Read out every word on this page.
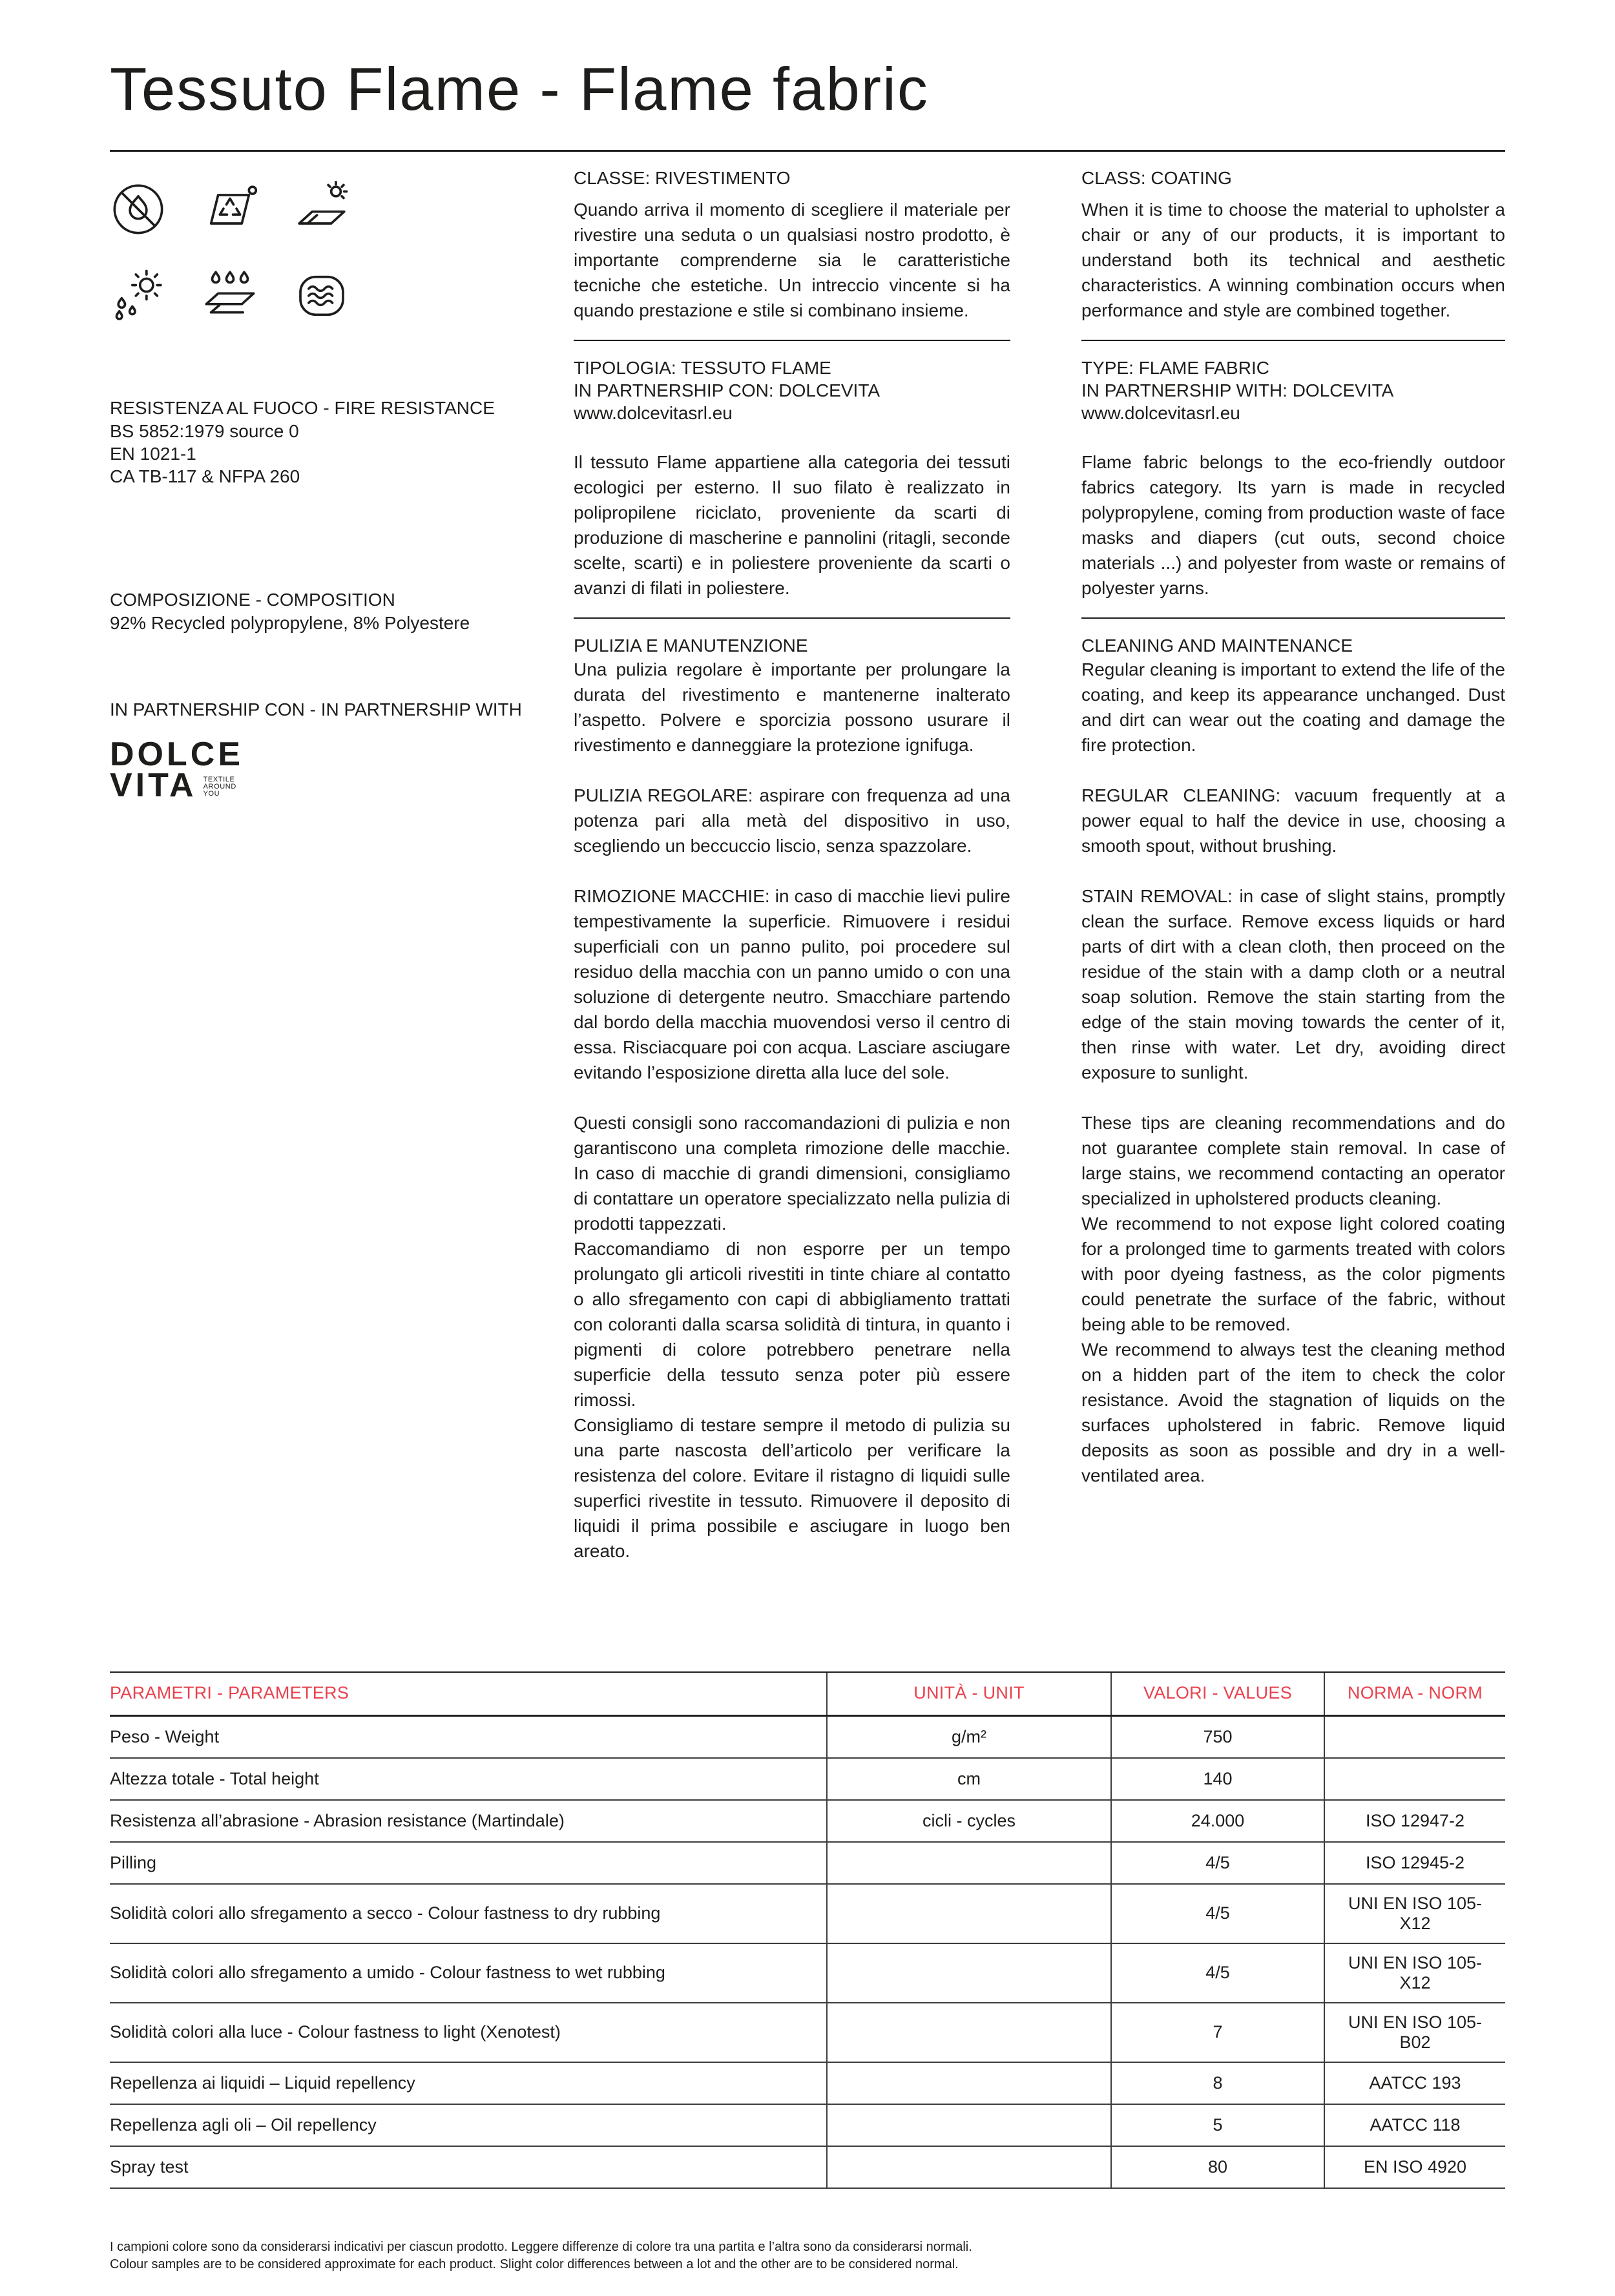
Tessuto Flame - Flame fabric
RESISTENZA AL FUOCO - FIRE RESISTANCE
BS 5852:1979 source 0
EN 1021-1
CA TB-117 & NFPA 260
COMPOSIZIONE - COMPOSITION
92% Recycled polypropylene, 8% Polyestere
IN PARTNERSHIP CON - IN PARTNERSHIP WITH
DOLCE
VITA TEXTILE
AROUND
YOU
CLASSE: RIVESTIMENTO

Quando arriva il momento di scegliere il materiale per rivestire una seduta o un qualsiasi nostro prodotto, è importante comprenderne sia le caratteristiche tecniche che estetiche. Un intreccio vincente si ha quando prestazione e stile si combinano insieme.

TIPOLOGIA: TESSUTO FLAME
IN PARTNERSHIP CON: DOLCEVITA
www.dolcevitasrl.eu

Il tessuto Flame appartiene alla categoria dei tessuti ecologici per esterno. Il suo filato è realizzato in polipropilene riciclato, proveniente da scarti di produzione di mascherine e pannolini (ritagli, seconde scelte, scarti) e in poliestere proveniente da scarti o avanzi di filati in poliestere.

PULIZIA E MANUTENZIONE

Una pulizia regolare è importante per prolungare la durata del rivestimento e mantenerne inalterato l’aspetto. Polvere e sporcizia possono usurare il rivestimento e danneggiare la protezione ignifuga.

PULIZIA REGOLARE: aspirare con frequenza ad una potenza pari alla metà del dispositivo in uso, scegliendo un beccuccio liscio, senza spazzolare.

RIMOZIONE MACCHIE: in caso di macchie lievi pulire tempestivamente la superficie. Rimuovere i residui superficiali con un panno pulito, poi procedere sul residuo della macchia con un panno umido o con una soluzione di detergente neutro. Smacchiare partendo dal bordo della macchia muovendosi verso il centro di essa. Risciacquare poi con acqua. Lasciare asciugare evitando l’esposizione diretta alla luce del sole.

Questi consigli sono raccomandazioni di pulizia e non garantiscono una completa rimozione delle macchie. In caso di macchie di grandi dimensioni, consigliamo di contattare un operatore specializzato nella pulizia di prodotti tappezzati.

Raccomandiamo di non esporre per un tempo prolungato gli articoli rivestiti in tinte chiare al contatto o allo sfregamento con capi di abbigliamento trattati con coloranti dalla scarsa solidità di tintura, in quanto i pigmenti di colore potrebbero penetrare nella superficie della tessuto senza poter più essere rimossi.

Consigliamo di testare sempre il metodo di pulizia su una parte nascosta dell’articolo per verificare la resistenza del colore. Evitare il ristagno di liquidi sulle superfici rivestite in tessuto. Rimuovere il deposito di liquidi il prima possibile e asciugare in luogo ben areato.

CLASS: COATING

When it is time to choose the material to upholster a chair or any of our products, it is important to understand both its technical and aesthetic characteristics. A winning combination occurs when performance and style are combined together.

TYPE: FLAME FABRIC
IN PARTNERSHIP WITH: DOLCEVITA
www.dolcevitasrl.eu

Flame fabric belongs to the eco-friendly outdoor fabrics category. Its yarn is made in recycled polypropylene, coming from production waste of face masks and diapers (cut outs, second choice materials ...) and polyester from waste or remains of polyester yarns.

CLEANING AND MAINTENANCE

Regular cleaning is important to extend the life of the coating, and keep its appearance unchanged. Dust and dirt can wear out the coating and damage the fire protection.

REGULAR CLEANING: vacuum frequently at a power equal to half the device in use, choosing a smooth spout, without brushing.

STAIN REMOVAL: in case of slight stains, promptly clean the surface. Remove excess liquids or hard parts of dirt with a clean cloth, then proceed on the residue of the stain with a damp cloth or a neutral soap solution. Remove the stain starting from the edge of the stain moving towards the center of it, then rinse with water. Let dry, avoiding direct exposure to sunlight.

These tips are cleaning recommendations and do not guarantee complete stain removal. In case of large stains, we recommend contacting an operator specialized in upholstered products cleaning.

We recommend to not expose light colored coating for a prolonged time to garments treated with colors with poor dyeing fastness, as the color pigments could penetrate the surface of the fabric, without being able to be removed.

We recommend to always test the cleaning method on a hidden part of the item to check the color resistance. Avoid the stagnation of liquids on the surfaces upholstered in fabric. Remove liquid deposits as soon as possible and dry in a well-ventilated area.

PARAMETRI - PARAMETERS	UNITÀ - UNIT	VALORI - VALUES	NORMA - NORM
Peso - Weight	g/m²	750	
Altezza totale - Total height	cm	140	
Resistenza all’abrasione - Abrasion resistance (Martindale)	cicli - cycles	24.000	ISO 12947-2
Pilling		4/5	ISO 12945-2
Solidità colori allo sfregamento a secco - Colour fastness to dry rubbing		4/5	UNI EN ISO 105-X12
Solidità colori allo sfregamento a umido - Colour fastness to wet rubbing		4/5	UNI EN ISO 105-X12
Solidità colori alla luce - Colour fastness to light (Xenotest)		7	UNI EN ISO 105-B02
Repellenza ai liquidi – Liquid repellency		8	AATCC 193
Repellenza agli oli – Oil repellency		5	AATCC 118
Spray test		80	EN ISO 4920
I campioni colore sono da considerarsi indicativi per ciascun prodotto. Leggere differenze di colore tra una partita e l’altra sono da considerarsi normali.
Colour samples are to be considered approximate for each product. Slight color differences between a lot and the other are to be considered normal.
